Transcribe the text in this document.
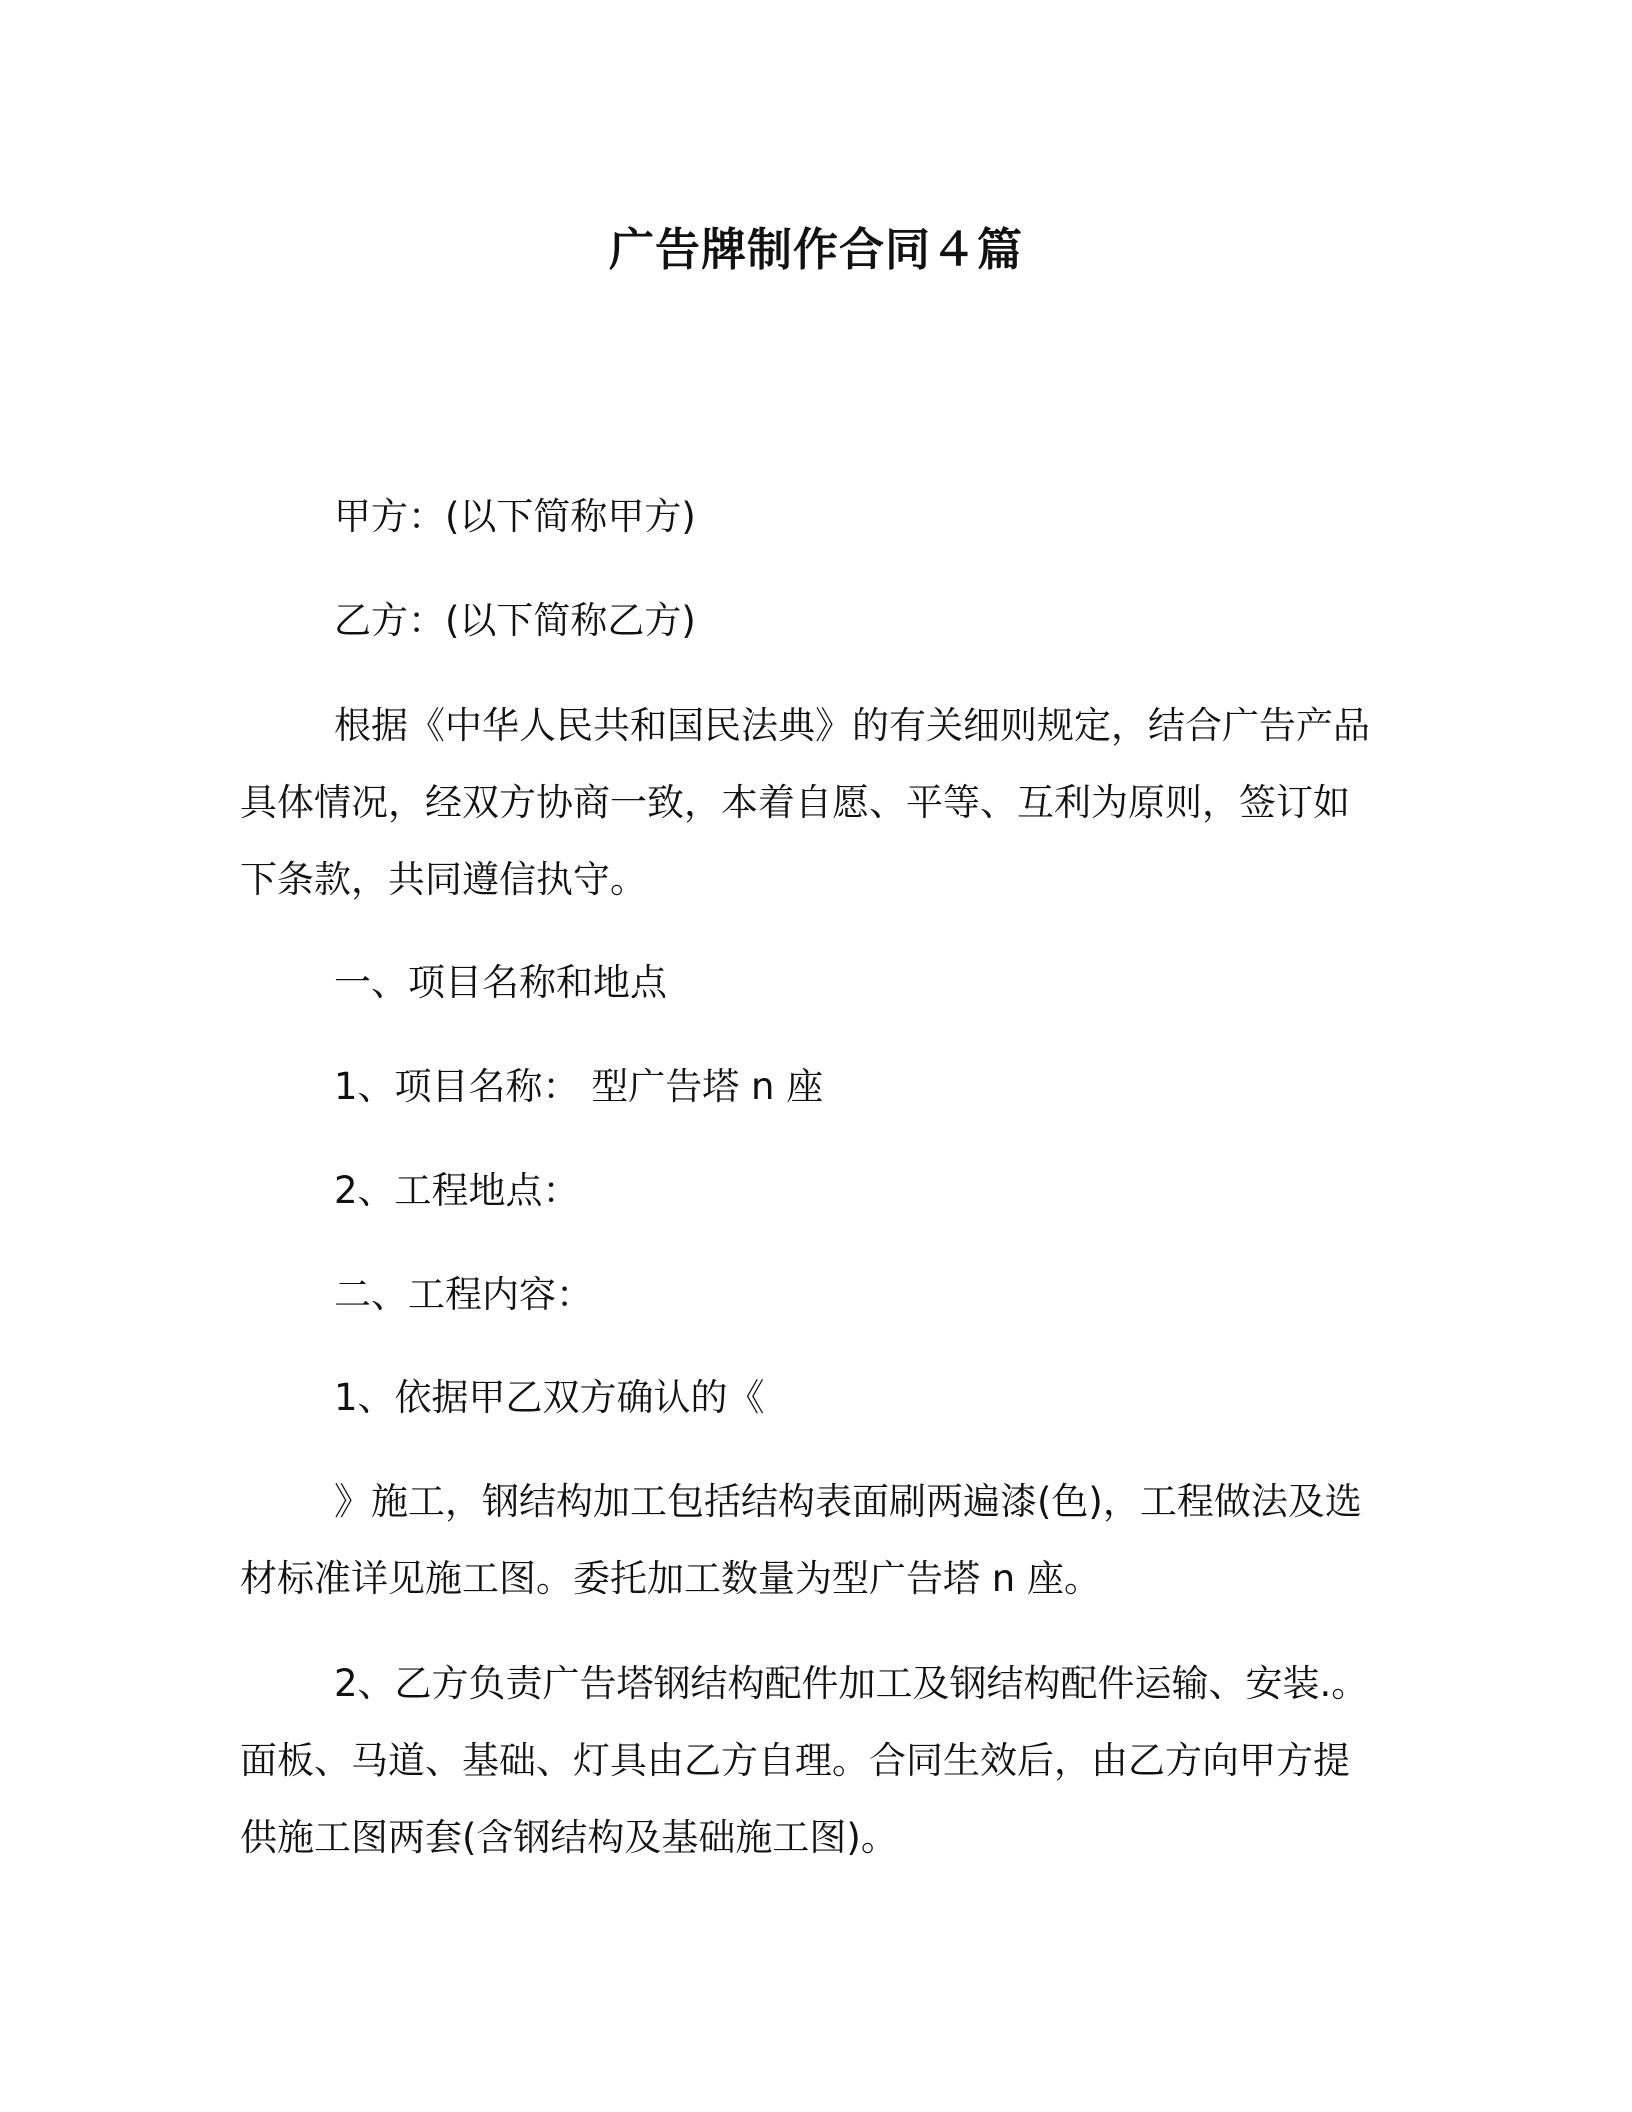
广告牌制作合同４篇

甲方：(以下简称甲方)

乙方：(以下简称乙方)

根据《中华人民共和国民法典》的有关细则规定，结合广告产品

具体情况，经双方协商一致，本着自愿、平等、互利为原则，签订如

下条款，共同遵信执守。

一、项目名称和地点

1、项目名称： 型广告塔 n 座

2、工程地点：

二、工程内容：

1、依据甲乙双方确认的《

》施工，钢结构加工包括结构表面刷两遍漆(色)，工程做法及选

材标准详见施工图。委托加工数量为型广告塔 n 座。

2、乙方负责广告塔钢结构配件加工及钢结构配件运输、安装.。

面板、马道、基础、灯具由乙方自理。合同生效后，由乙方向甲方提

供施工图两套(含钢结构及基础施工图)。
